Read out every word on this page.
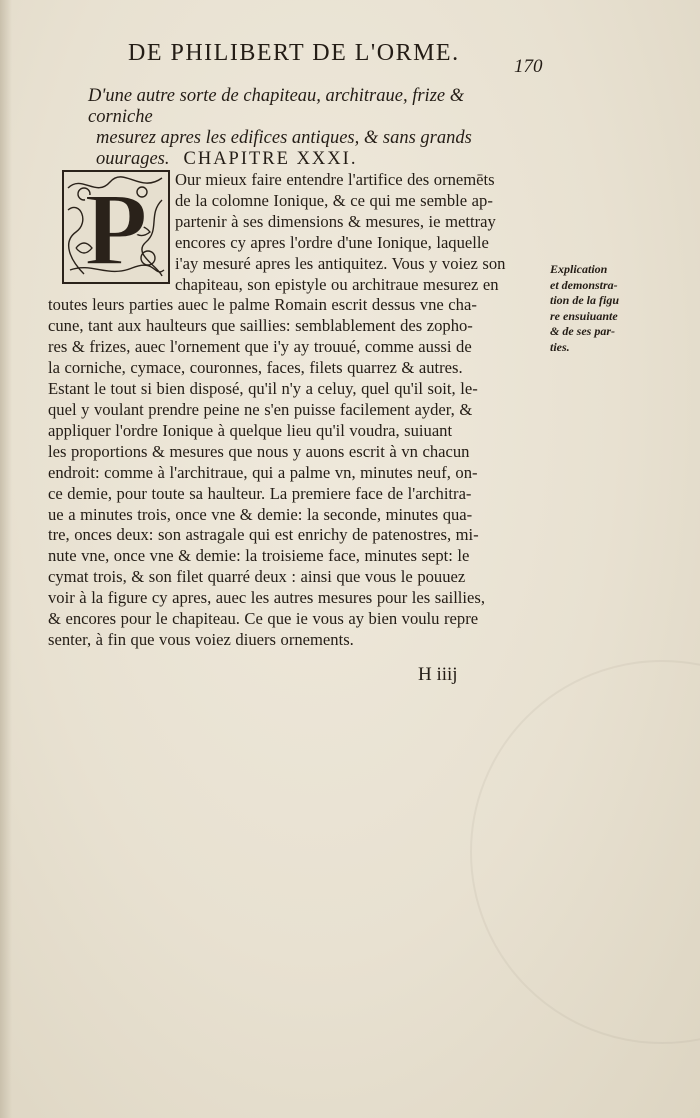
DE PHILIBERT DE L'ORME.
170
D'une autre sorte de chapiteau, architraue, frize & corniche
mesurez apres les edifices antiques, & sans grands
ouurages. CHAPITRE XXXI.
P	Our mieux faire entendre l'artifice des ornemēts
de la colomne Ionique, & ce qui me semble ap-
partenir à ses dimensions & mesures, ie mettray
encores cy apres l'ordre d'une Ionique, laquelle
i'ay mesuré apres les antiquitez. Vous y voiez son
chapiteau, son epistyle ou architraue mesurez en
toutes leurs parties auec le palme Romain escrit dessus vne cha-
cune, tant aux haulteurs que saillies: semblablement des zopho-
res & frizes, auec l'ornement que i'y ay trouué, comme aussi de
la corniche, cymace, couronnes, faces, filets quarrez & autres.
Estant le tout si bien disposé, qu'il n'y a celuy, quel qu'il soit, le-
quel y voulant prendre peine ne s'en puisse facilement ayder, &
appliquer l'ordre Ionique à quelque lieu qu'il voudra, suiuant
les proportions & mesures que nous y auons escrit à vn chacun
endroit: comme à l'architraue, qui a palme vn, minutes neuf, on-
ce demie, pour toute sa haulteur. La premiere face de l'architra-
ue a minutes trois, once vne & demie: la seconde, minutes qua-
tre, onces deux: son astragale qui est enrichy de patenostres, mi-
nute vne, once vne & demie: la troisieme face, minutes sept: le
cymat trois, & son filet quarré deux : ainsi que vous le pouuez
voir à la figure cy apres, auec les autres mesures pour les saillies,
& encores pour le chapiteau. Ce que ie vous ay bien voulu repre
senter, à fin que vous voiez diuers ornements.
Explication
et demonstra-
tion de la figu
re ensuiuante
& de ses par-
ties.
H iiij
